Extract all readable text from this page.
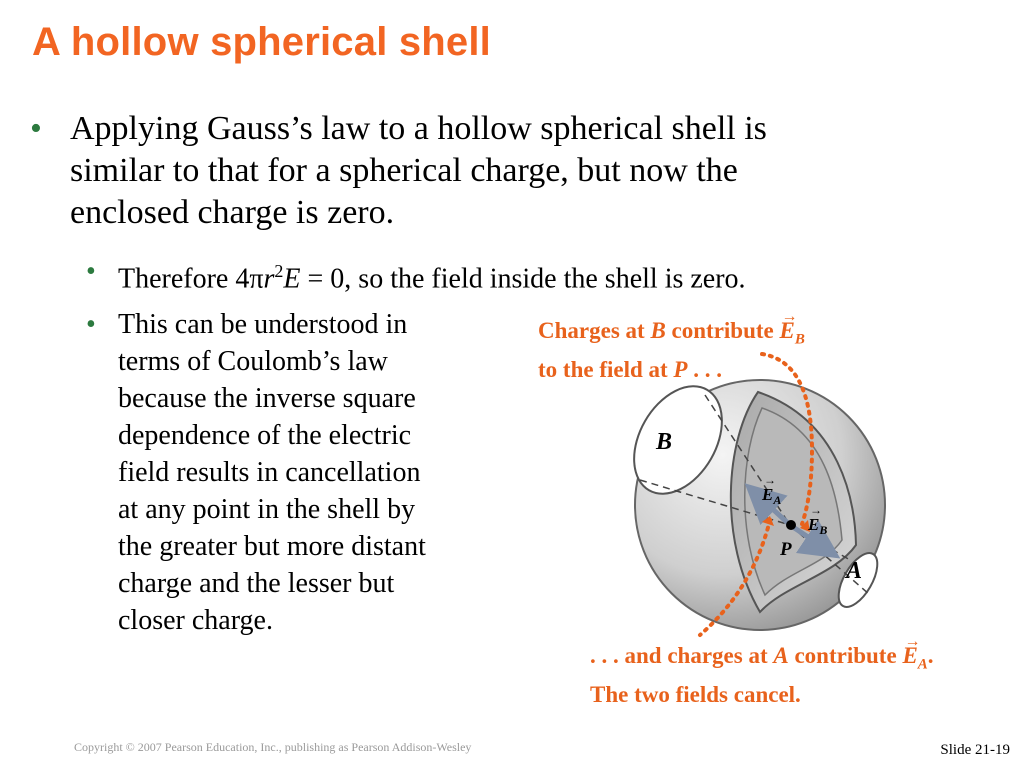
A hollow spherical shell
• Applying Gauss’s law to a hollow spherical shell is
similar to that for a spherical charge, but now the
enclosed charge is zero.
• Therefore $4\pi r^2E = 0$, so the field inside the shell is zero.
• This can be understood in
terms of Coulomb’s law
because the inverse square
dependence of the electric
field results in cancellation
at any point in the shell by
the greater but more distant
charge and the lesser but
closer charge.
B
A
P
$E_A$
$E_B$
→
→
Charges at B contribute → $E_B$
to the field at P . . .
. . . and charges at A contribute → $E_A$.
The two fields cancel.
Copyright © 2007 Pearson Education, Inc., publishing as Pearson Addison-Wesley	Slide 21-19
